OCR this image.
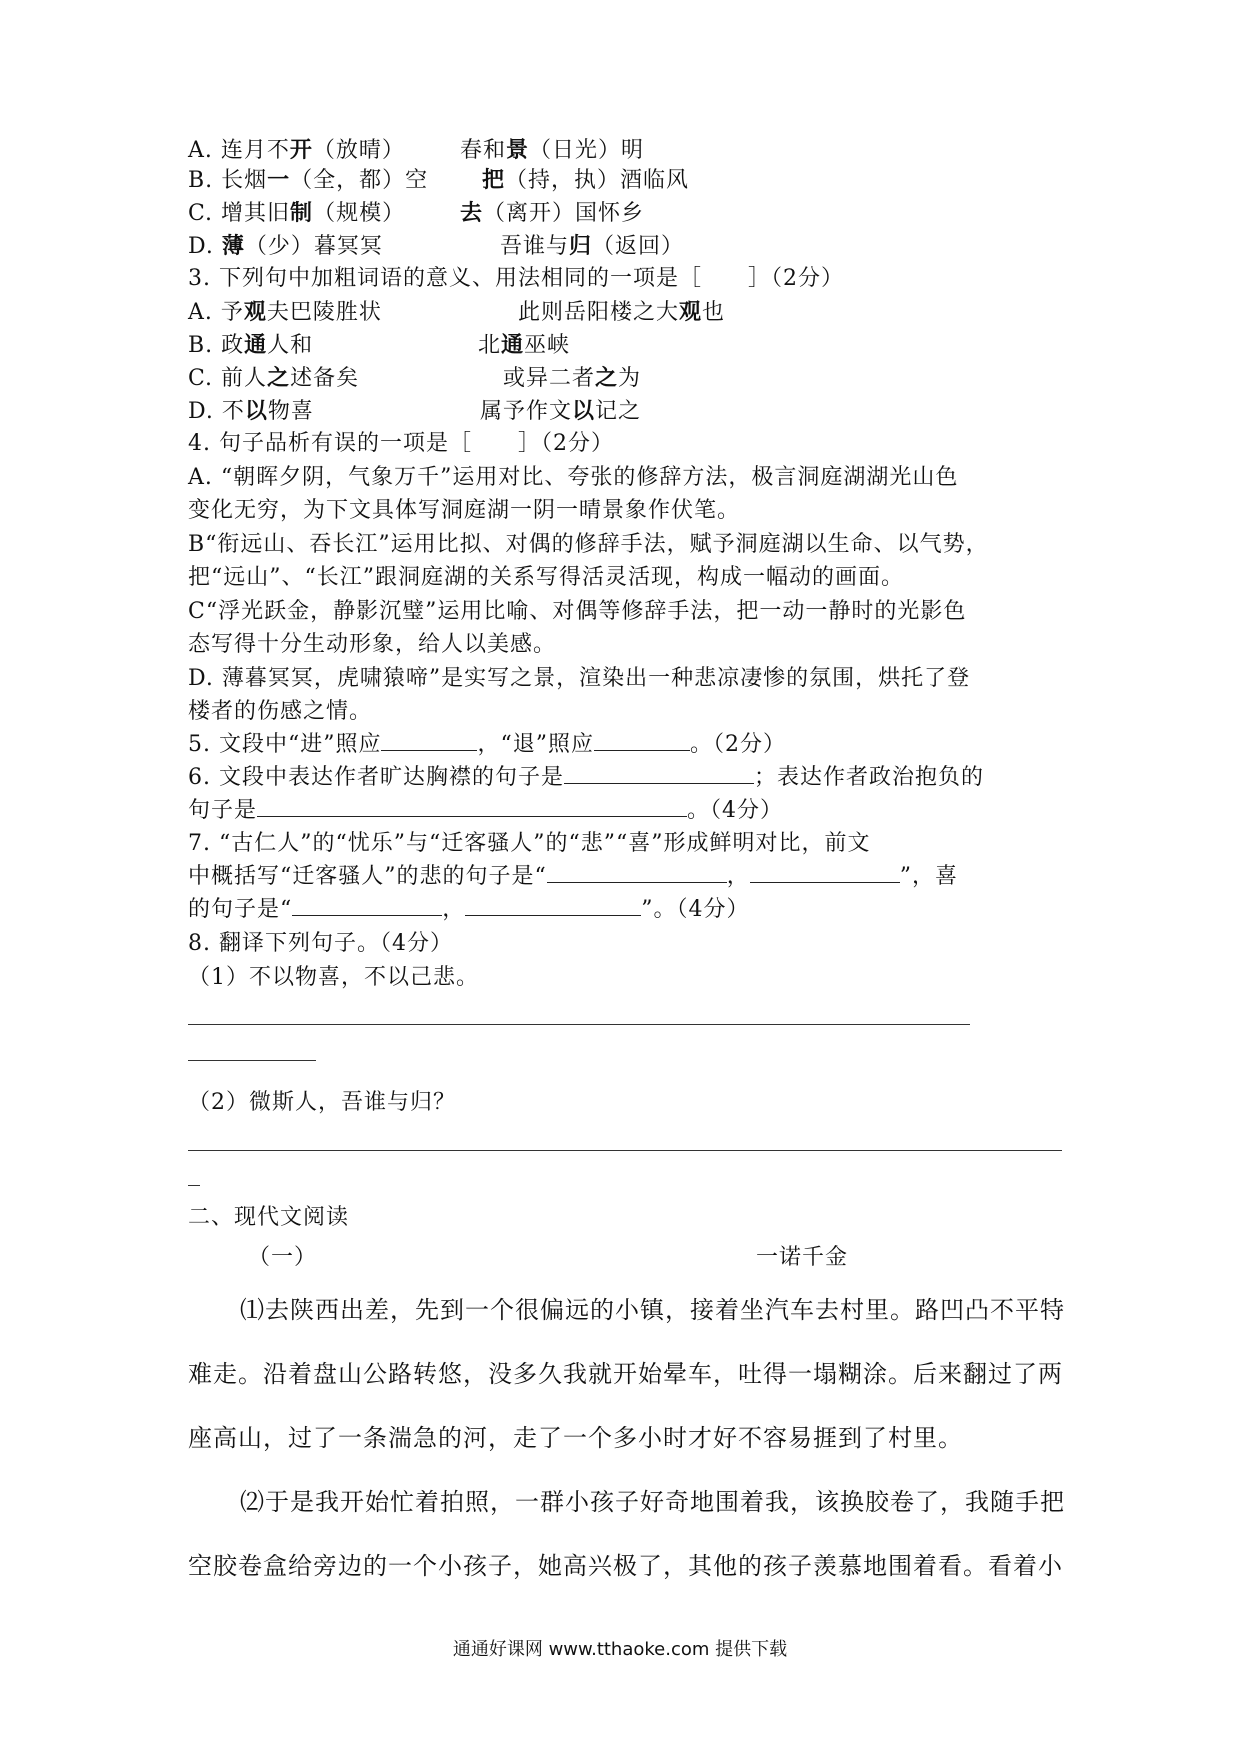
A. 连月不开（放晴）	春和景（日光）明
B. 长烟一（全，都）空 把（持，执）酒临风
C. 增其旧制（规模） 去（离开）国怀乡
D. 薄（少）暮冥冥	吾谁与归（返回）
3. 下列句中加粗词语的意义、用法相同的一项是［　　］（2分）
A. 予观夫巴陵胜状	此则岳阳楼之大观也
B. 政通人和	北通巫峡
C. 前人之述备矣	或异二者之为
D. 不以物喜	属予作文以记之
4. 句子品析有误的一项是［　　］（2分）
A. “朝晖夕阴，气象万千”运用对比、夸张的修辞方法，极言洞庭湖湖光山色
变化无穷，为下文具体写洞庭湖一阴一晴景象作伏笔。
B“衔远山、吞长江”运用比拟、对偶的修辞手法，赋予洞庭湖以生命、以气势，
把“远山”、“长江”跟洞庭湖的关系写得活灵活现，构成一幅动的画面。
C“浮光跃金，静影沉璧”运用比喻、对偶等修辞手法，把一动一静时的光影色
态写得十分生动形象，给人以美感。
D. 薄暮冥冥，虎啸猿啼”是实写之景，渲染出一种悲凉凄惨的氛围，烘托了登
楼者的伤感之情。
5. 文段中“进”照应	，“退”照应	。（2分）
6. 文段中表达作者旷达胸襟的句子是	；表达作者政治抱负的
句子是	。（4分）
7. “古仁人”的“忧乐”与“迁客骚人”的“悲”“喜”形成鲜明对比，前文
中概括写“迁客骚人”的悲的句子是“	，	”，喜
的句子是“	，	”。（4分）
8. 翻译下列句子。（4分）
（1）不以物喜，不以己悲。
（2）微斯人，吾谁与归？
二、现代文阅读
（一）	一诺千金
⑴去陕西出差，先到一个很偏远的小镇，接着坐汽车去村里。路凹凸不平特
难走。沿着盘山公路转悠，没多久我就开始晕车，吐得一塌糊涂。后来翻过了两
座高山，过了一条湍急的河，走了一个多小时才好不容易捱到了村里。
⑵于是我开始忙着拍照，一群小孩子好奇地围着我，该换胶卷了，我随手把
空胶卷盒给旁边的一个小孩子，她高兴极了，其他的孩子羡慕地围着看。看着小
通通好课网 www.tthaoke.com 提供下载
